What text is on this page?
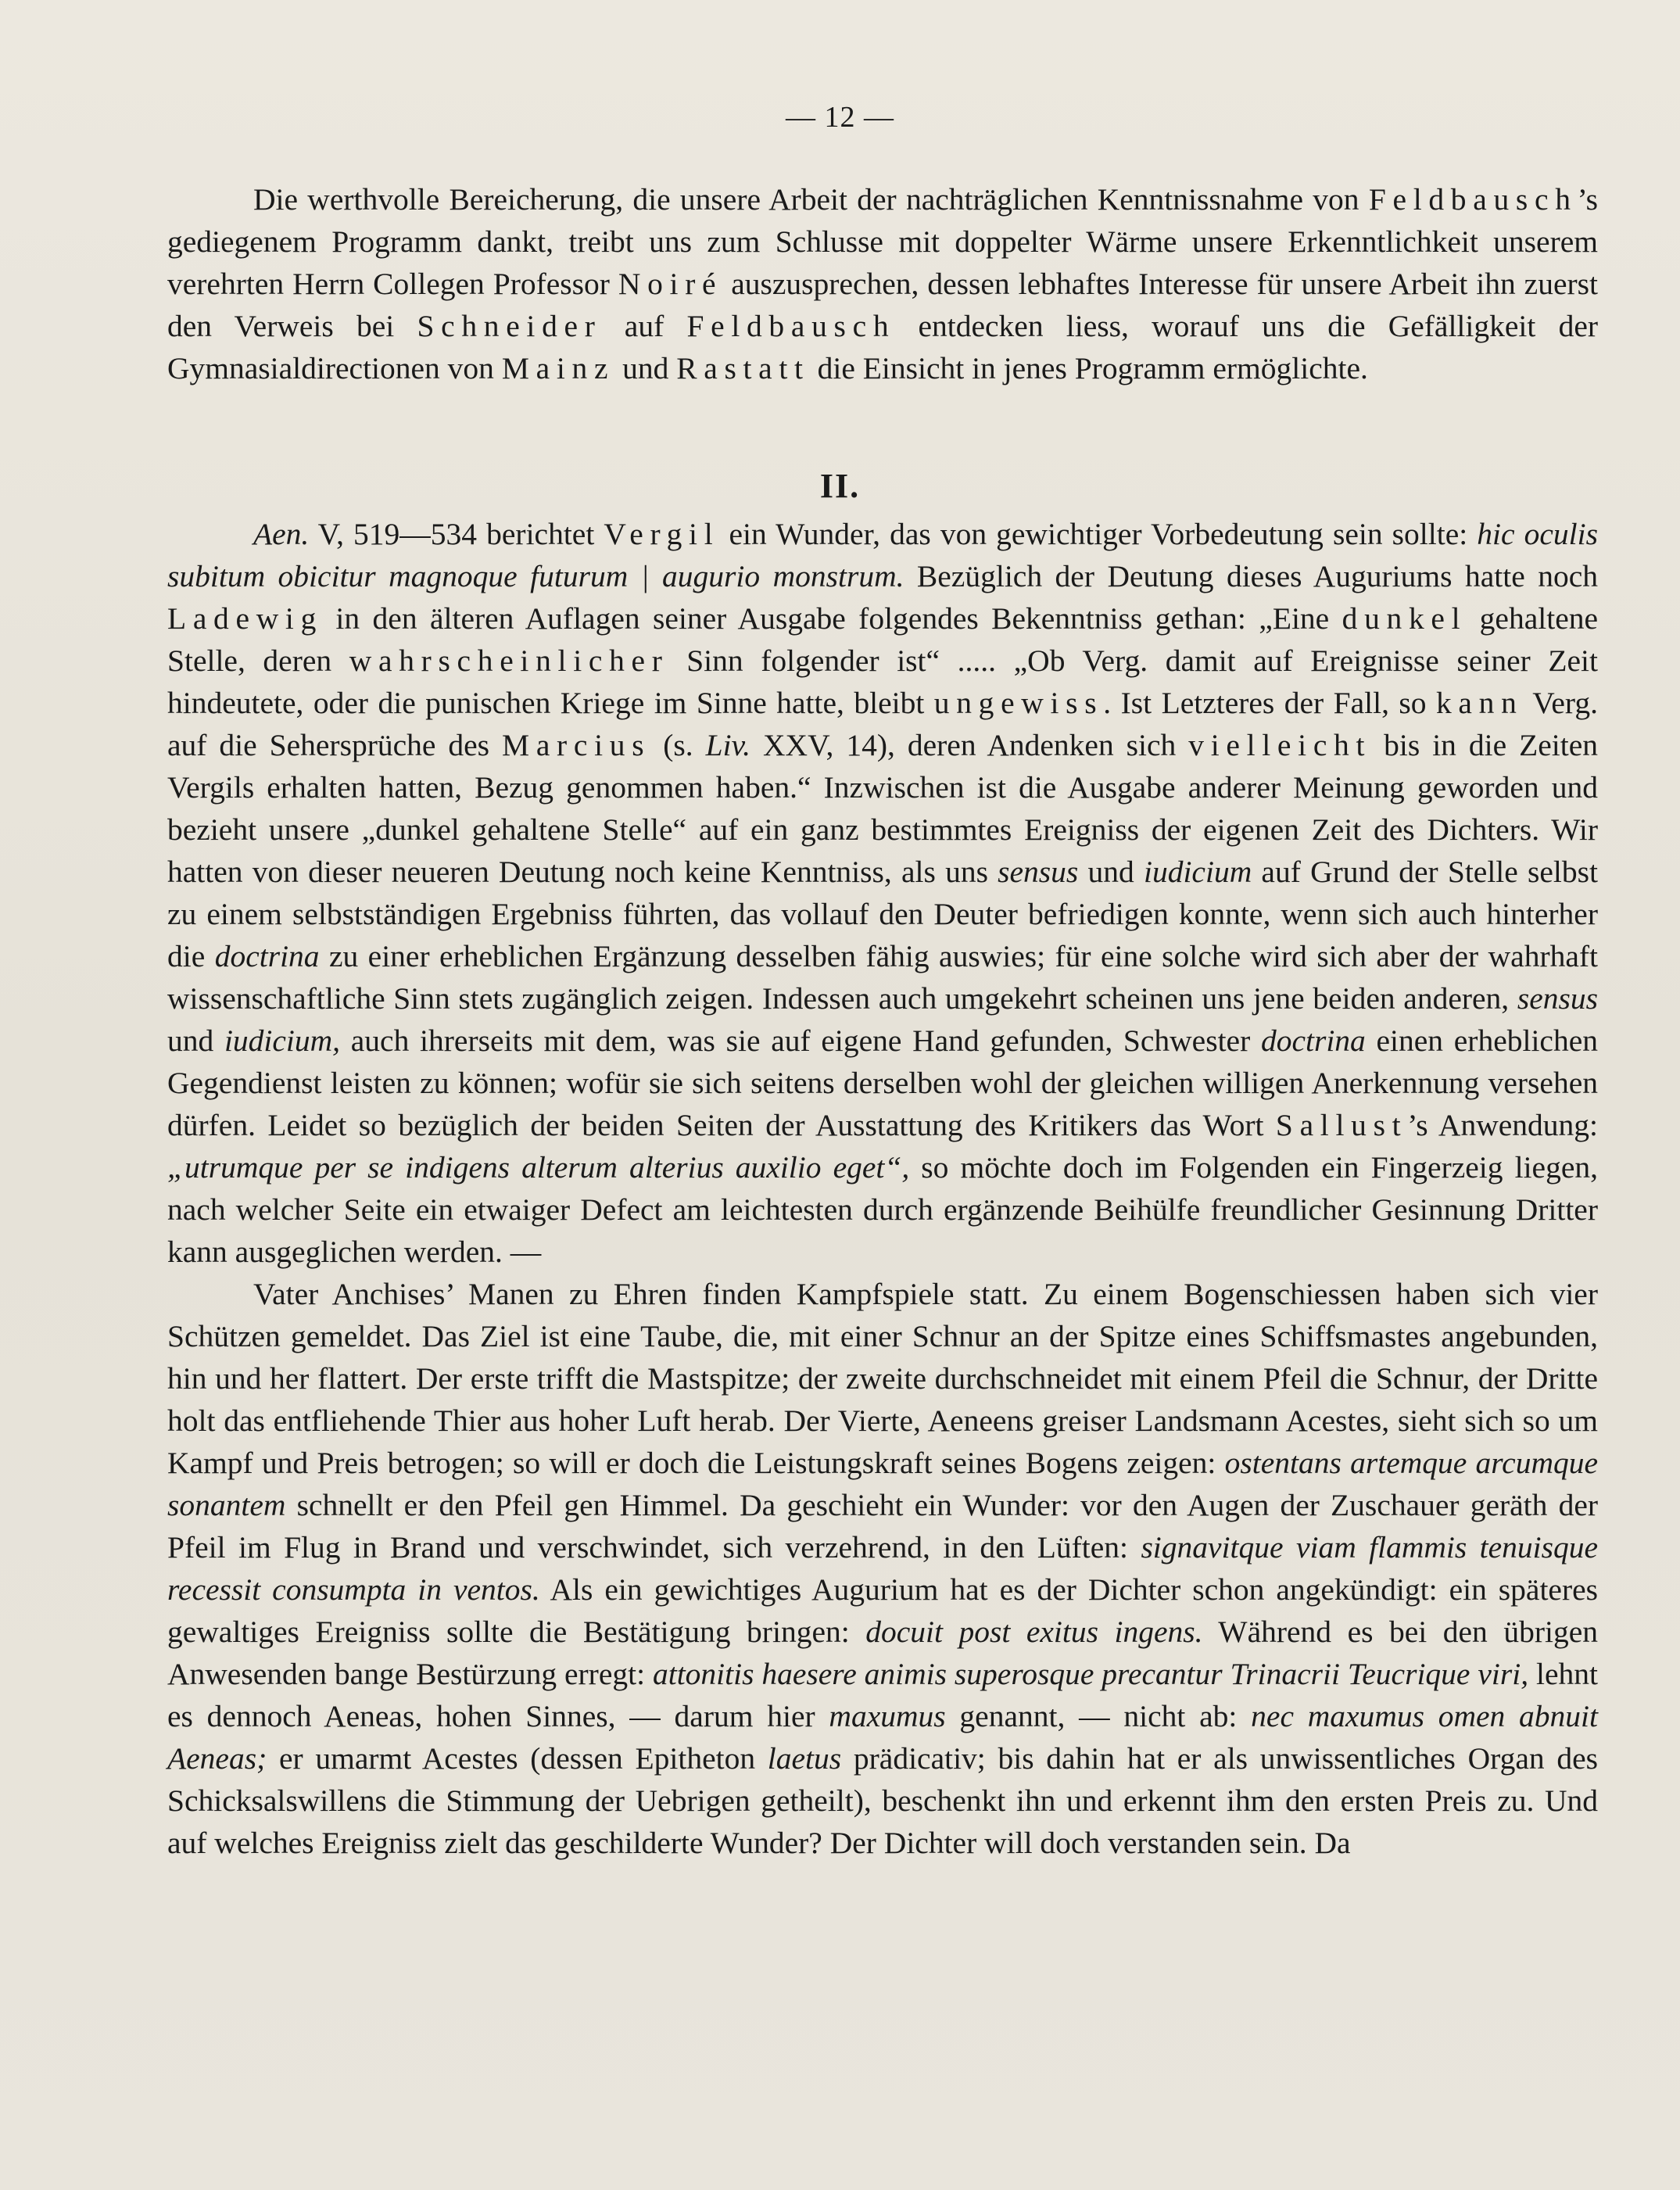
— 12 —

Die werthvolle Bereicherung, die unsere Arbeit der nachträglichen Kenntnissnahme von Feldbausch’s gediegenem Programm dankt, treibt uns zum Schlusse mit doppelter Wärme unsere Erkenntlichkeit unserem verehrten Herrn Collegen Professor Noiré auszusprechen, dessen lebhaftes Interesse für unsere Arbeit ihn zuerst den Verweis bei Schneider auf Feldbausch entdecken liess, worauf uns die Gefälligkeit der Gymnasialdirectionen von Mainz und Rastatt die Einsicht in jenes Programm ermöglichte.

II.

Aen. V, 519—534 berichtet Vergil ein Wunder, das von gewichtiger Vorbedeutung sein sollte: hic oculis subitum obicitur magnoque futurum | augurio monstrum. Bezüglich der Deutung dieses Auguriums hatte noch Ladewig in den älteren Auflagen seiner Ausgabe folgendes Bekenntniss gethan: „Eine dunkel gehaltene Stelle, deren wahrscheinlicher Sinn folgender ist“ ..... „Ob Verg. damit auf Ereignisse seiner Zeit hindeutete, oder die punischen Kriege im Sinne hatte, bleibt ungewiss. Ist Letzteres der Fall, so kann Verg. auf die Sehersprüche des Marcius (s. Liv. XXV, 14), deren Andenken sich vielleicht bis in die Zeiten Vergils erhalten hatten, Bezug genommen haben.“ Inzwischen ist die Ausgabe anderer Meinung geworden und bezieht unsere „dunkel gehaltene Stelle“ auf ein ganz bestimmtes Ereigniss der eigenen Zeit des Dichters. Wir hatten von dieser neueren Deutung noch keine Kenntniss, als uns sensus und iudicium auf Grund der Stelle selbst zu einem selbstständigen Ergebniss führten, das vollauf den Deuter befriedigen konnte, wenn sich auch hinterher die doctrina zu einer erheblichen Ergänzung desselben fähig auswies; für eine solche wird sich aber der wahrhaft wissenschaftliche Sinn stets zugänglich zeigen. Indessen auch umgekehrt scheinen uns jene beiden anderen, sensus und iudicium, auch ihrerseits mit dem, was sie auf eigene Hand gefunden, Schwester doctrina einen erheblichen Gegendienst leisten zu können; wofür sie sich seitens derselben wohl der gleichen willigen Anerkennung versehen dürfen. Leidet so bezüglich der beiden Seiten der Ausstattung des Kritikers das Wort Sallust’s Anwendung: „utrumque per se indigens alterum alterius auxilio eget“, so möchte doch im Folgenden ein Fingerzeig liegen, nach welcher Seite ein etwaiger Defect am leichtesten durch ergänzende Beihülfe freundlicher Gesinnung Dritter kann ausgeglichen werden. —

Vater Anchises’ Manen zu Ehren finden Kampfspiele statt. Zu einem Bogenschiessen haben sich vier Schützen gemeldet. Das Ziel ist eine Taube, die, mit einer Schnur an der Spitze eines Schiffsmastes angebunden, hin und her flattert. Der erste trifft die Mastspitze; der zweite durchschneidet mit einem Pfeil die Schnur, der Dritte holt das entfliehende Thier aus hoher Luft herab. Der Vierte, Aeneens greiser Landsmann Acestes, sieht sich so um Kampf und Preis betrogen; so will er doch die Leistungskraft seines Bogens zeigen: ostentans artemque arcumque sonantem schnellt er den Pfeil gen Himmel. Da geschieht ein Wunder: vor den Augen der Zuschauer geräth der Pfeil im Flug in Brand und verschwindet, sich verzehrend, in den Lüften: signavitque viam flammis tenuisque recessit consumpta in ventos. Als ein gewichtiges Augurium hat es der Dichter schon angekündigt: ein späteres gewaltiges Ereigniss sollte die Bestätigung bringen: docuit post exitus ingens. Während es bei den übrigen Anwesenden bange Bestürzung erregt: attonitis haesere animis superosque precantur Trinacrii Teucrique viri, lehnt es dennoch Aeneas, hohen Sinnes, — darum hier maxumus genannt, — nicht ab: nec maxumus omen abnuit Aeneas; er umarmt Acestes (dessen Epitheton laetus prädicativ; bis dahin hat er als unwissentliches Organ des Schicksalswillens die Stimmung der Uebrigen getheilt), beschenkt ihn und erkennt ihm den ersten Preis zu. Und auf welches Ereigniss zielt das geschilderte Wunder? Der Dichter will doch verstanden sein. Da
